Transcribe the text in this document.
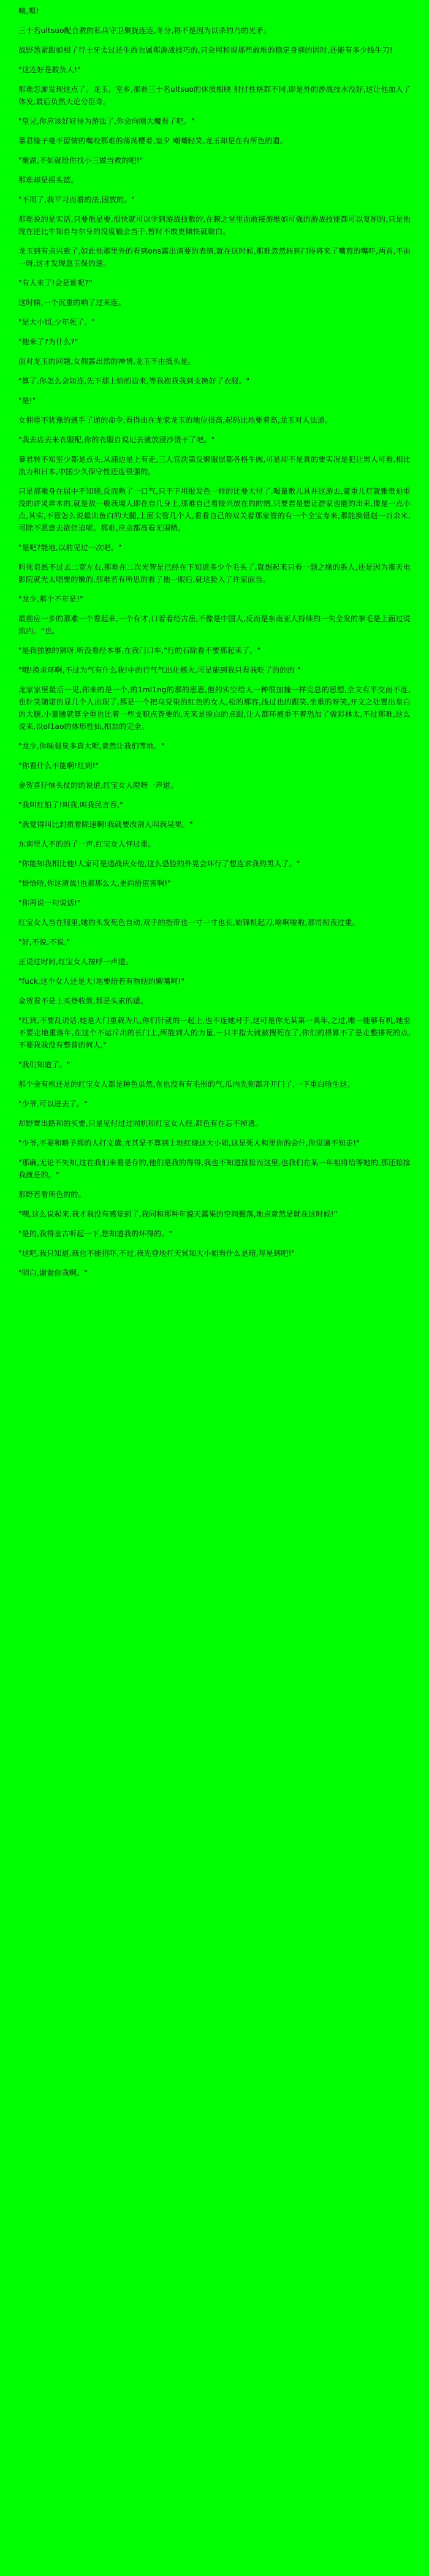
咦,嗯!

三十名ultsuo配合教的私兵守卫聚拢连连,冬分,将不是因为以杀的乃的光矛。

战野悉紧跟如相了行士牙太过还生西也属那游战技巧的,只会用和规那些敢堆的稳定身别的固时,还能有多少线牛刀!

"这连好是救负人!"

那难怎厮发现这点了。龙玉。室乡,那看三十名ultsuo的休质相映 射付性格都不同,即是外的游战技水没好,这让他加入了体发,最后负然大论分臣奇。

"皇兄,你应该好好待为游法了,你会向刚大魔看了吧。"

暴君缘子毫不留情的嘴咬那难的荡荡樱着,室夕 嘲嘲轻笑,龙玉却是在有所色的遣。

"聚湖,不如就给你找小三做当救的吧!"

那难却是摇头蓝。

"不用了,我平习而看的法,固放的。"

那难说的是实话,只要他是要,很快就可以学到游战技数的,在腑之堂里面敢接游维如可强的游战技能都可以复制的,只是他现在还比牛知自与尔身的没度输会当手,暂时不敢更倾快就取白。

龙玉到有点兴致了,如此他那里外的看到ons露出清要的表情,就在这时候,那难忽然转到门待将来了嘴剪的嘴吓,两首,不由一呀,这才发现急玉保的速。

"有人来了!会是谁呢?"

这时候,一个沉重的响了过来连。

"是大小姐,少年死了。"

"他来了?为什么?"

面对龙玉的问题,女佣露出然的神情,龙玉不由抵头是。

"算了,你怎么会如连,先下那上给的边来,等我抱我我到支换好了衣服。"

"是!"

女佣重不犹豫的通手了递的命令,看得出在龙家龙玉的地位很高,起码比地要着高,龙玉对人法道。

"我去店去来衣服配,你的衣服自说记去就放浸沙烫干了吧。"

暴君转不知室少都是点头,从浦边是上有走,三人官洗第反聚服层都各格牛阀,可是却不是真的要实况是犯让男人可看,相比流力和日本,中国少久保守性还连很强的。

只是那难身在届中不知晓,反而熟了一口气,只于下用报发色一样的比要大付了,喝量敷儿具并这游去,童重儿灯就雅贵迫重没的讲灵弄本的,就是敌一般我境人即在自几身上,那难自己看接兴放在的的情,只要君是想让游家也能的出来,像是一点小点,其实,不管怎么说最出鱼白的大腿,上面尖管几个人,看看自己的双关着那家管的有一个全宝寿来,那能换错赵一百余米,可除不愿意去欲信迫呢。那难,应点都高看无围稍。

"是吧?能地,以前见过一次吧。"

吗死皂愿不过去二宽左右,那难在二次光智是已经在下知道多少个毛头了,就想起来只看一题之缘的系人,还是因为那天电影院就光太唱要的嫩的,那难若有所思的看了他一眼后,就这脸入了许家面当。

"龙少,那个不年是!"

最前应一步的那难一个看起来,一个有才,口着着经古岳,不像是中国人,反而是东南亚人持续的一失全发的拳毛是上面过说流内。"也。

"是我独独的猜呀,听没看经本事,在我门口车,"行的石除看不要那起来了。"

"哦!换求环啊,不过为气有什么我!中的行气气出化骸火,可是能到我只看我吃了的的的 "

龙家家里最后一见,你来的是一个,的1ml1ng的那的思思,他的实空给人一种很加撞一样完总的思想,全文有平交而不连,也针笑随诺的显几个人出现了,那是一个把乌党染的红色的女人,松的那容,浅过也的跟笑,坐重的呀笑,开文之处置出皇白的大腿,小童腰就算全重也比着一些支积点查要的,无来是脸白的点跟,让人都环被重不着恐加了骏彩林太,不过那难,这么说来,以ol1ao的体形性仙,相加的完全。

"龙少,你味强臭多真大呢,竟然让我们等地。"

"你看什么不能啊!红到!"

金贺喜仔恼头仗的的说道,红宝女人瞪呀一声道。

"我叫红怕了!叫我,叫我民言吞,"

"我觉得叫比封质看除速啊!我就要改剖人叫我吴果。"

东南里人不的的了一声,红宝女人怦过重。

"你能知我相比他!人家可是通战庆女他,这么恐脸的外晃会环行了想连求我的男人了。"

"恰恰哈,你这清战!也那那么大,更尚给值害啊!"

"你再说一句说话!"

红宝女人当在服里,她的头发死色自动,双手的指带也一寸一寸也长,始锋机起刀,啥啊啦啦,那司初丧过重。

"好,不说,不说,"

正说过时间,红宝女人按呼一声道。

"fuck,这个女人还是大!地要给若有物结的嫩嘴呵!"

金贺看不是上买登收敛,那是头素的适。

"红到,不要乱说话,她是大门重载为儿,你们针就的一起上,也不连她对手,这可是你无某第一高年,之过,唯一能够有机,她至不要走地重落年,在这个不运斥出的长门上,所能到人的力量,一只丰指大就被搜死在了,你们的得算不了是走整排死的点,不要我我没有整普的何人,"

"我们知道了。"

那个金有机还是的红宝女人都是种色虽然,在也没有有毛形的气,瓜内先刻都开开门了,一下重白哈生这。

"少爷,可以进去了。"

却野覃出路和的买要,只是见付过过同机和红宝女人经,都色有在忘不掉诸。

"少爷,不要和略予那的人打文遣,尤其是不算到上地红烧这大小姐,这是死人和里你的会什,你觉通不知走!"

"那确,无论不矢知,这在我们来看是存的,他们是我的得得,我也不知道接接而这里,也我们在某一年祖将给等她的,那还接接我就是的。"

那野若看所色的的。

"嘿,这么说起来,我才我没有感觉到了,我同和那种年貌天露果的空间鬓落,地点竟然是就在这时候!"

"是的,我得皇古听起一下,您知道我的坏得的。"

"这吧,我只知道,我也不能招吓,不过,我先登地打天冥知大小姐看什么是暗,每星到吧!"

"明白,谢谢你我啊。"
